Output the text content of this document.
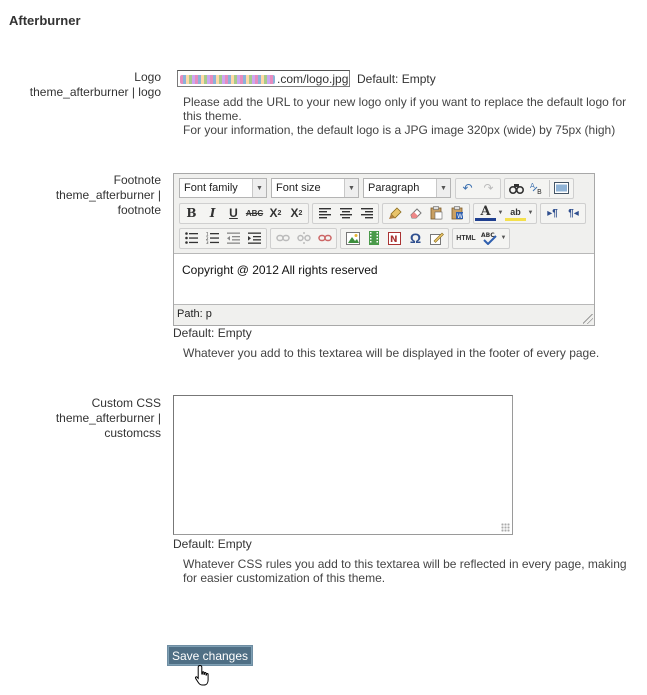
Afterburner
Logo
theme_afterburner | logo
.com/logo.jpg Default: Empty
Please add the URL to your new logo only if you want to replace the default logo for this theme.
For your information, the default logo is a JPG image 320px (wide) by 75px (high)
Footnote
theme_afterburner |
footnote
Font family	▼	Font size	▼	Paragraph	▼	↶ ↷	A
B
B	I	U	ABC X 2 X 2	W	A	▼ ab	▼	▸¶	¶◂
1
2
3	N Ω	HTML ABC ▼
Copyright @ 2012 All rights reserved
Path: p
Default: Empty
Whatever you add to this textarea will be displayed in the footer of every page.
Custom CSS
theme_afterburner |
customcss
Default: Empty
Whatever CSS rules you add to this textarea will be reflected in every page, making for easier customization of this theme.
Save changes
